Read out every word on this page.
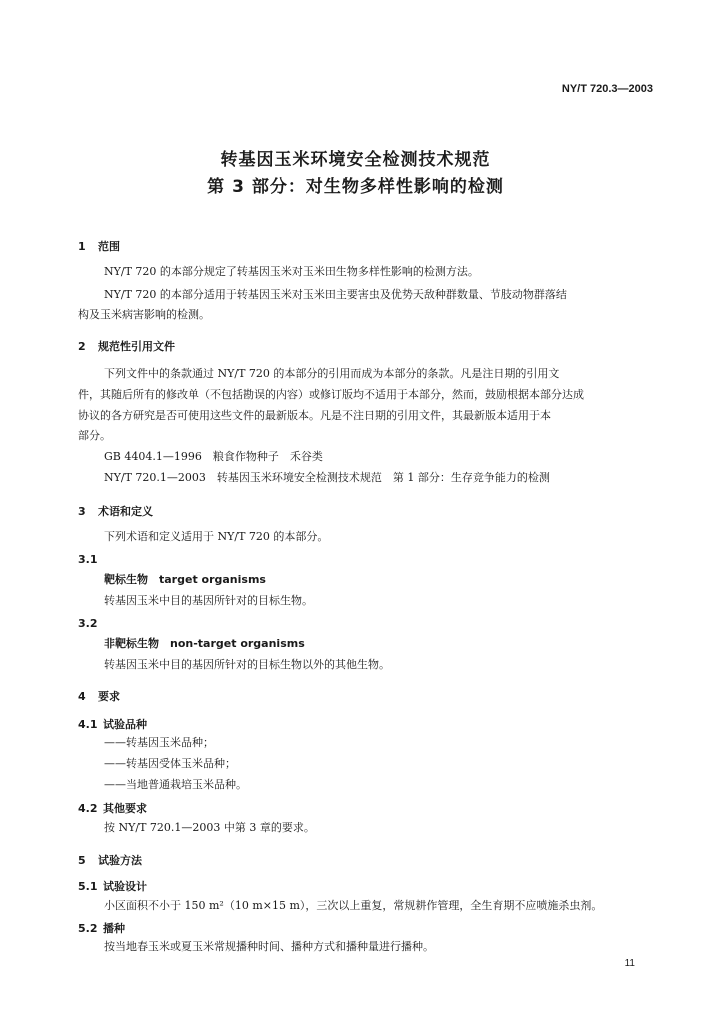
NY/T 720.3—2003
转基因玉米环境安全检测技术规范
第 3 部分：对生物多样性影响的检测
1 范围
NY/T 720 的本部分规定了转基因玉米对玉米田生物多样性影响的检测方法。
NY/T 720 的本部分适用于转基因玉米对玉米田主要害虫及优势天敌种群数量、节肢动物群落结
构及玉米病害影响的检测。
2 规范性引用文件
下列文件中的条款通过 NY/T 720 的本部分的引用而成为本部分的条款。凡是注日期的引用文
件，其随后所有的修改单（不包括勘误的内容）或修订版均不适用于本部分，然而，鼓励根据本部分达成
协议的各方研究是否可使用这些文件的最新版本。凡是不注日期的引用文件，其最新版本适用于本
部分。
GB 4404.1—1996　粮食作物种子　禾谷类
NY/T 720.1—2003　转基因玉米环境安全检测技术规范　第 1 部分：生存竞争能力的检测
3 术语和定义
下列术语和定义适用于 NY/T 720 的本部分。
3.1
靶标生物　target organisms
转基因玉米中目的基因所针对的目标生物。
3.2
非靶标生物　non-target organisms
转基因玉米中目的基因所针对的目标生物以外的其他生物。
4 要求
4.1 试验品种
——转基因玉米品种；
——转基因受体玉米品种；
——当地普通栽培玉米品种。
4.2 其他要求
按 NY/T 720.1—2003 中第 3 章的要求。
5 试验方法
5.1 试验设计
小区面积不小于 150 m²（10 m×15 m），三次以上重复，常规耕作管理，全生育期不应喷施杀虫剂。
5.2 播种
按当地春玉米或夏玉米常规播种时间、播种方式和播种量进行播种。
11
